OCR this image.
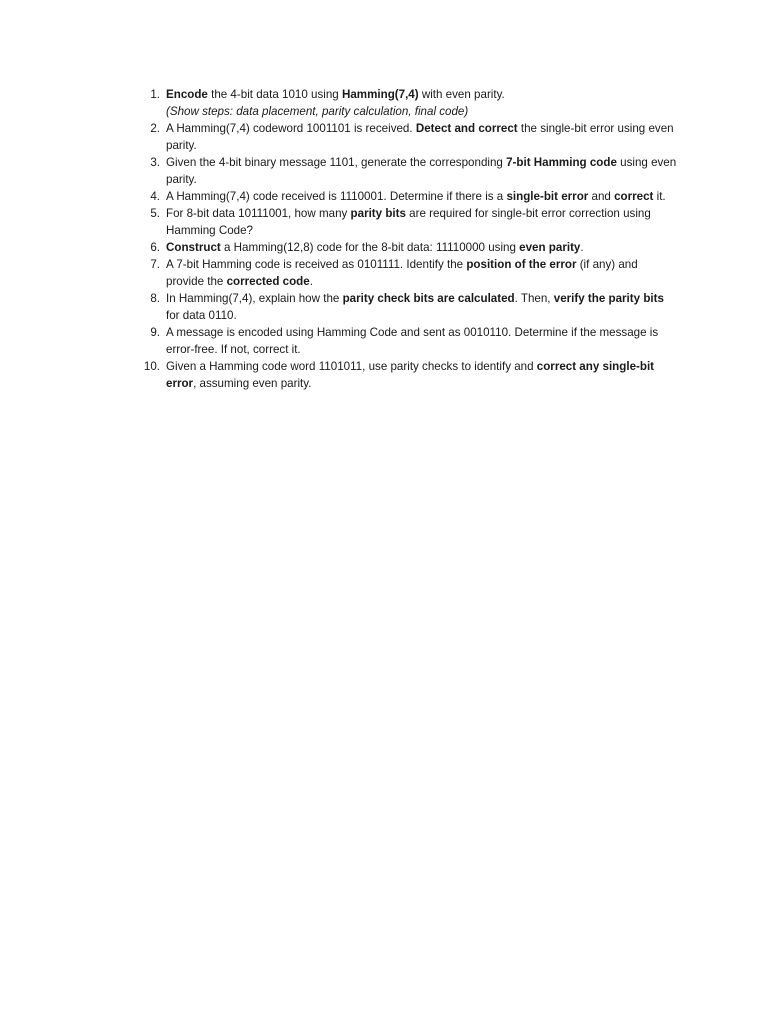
1. Encode the 4-bit data 1010 using Hamming(7,4) with even parity.
(Show steps: data placement, parity calculation, final code)
2. A Hamming(7,4) codeword 1001101 is received. Detect and correct the single-bit error using even parity.
3. Given the 4-bit binary message 1101, generate the corresponding 7-bit Hamming code using even parity.
4. A Hamming(7,4) code received is 1110001. Determine if there is a single-bit error and correct it.
5. For 8-bit data 10111001, how many parity bits are required for single-bit error correction using Hamming Code?
6. Construct a Hamming(12,8) code for the 8-bit data: 11110000 using even parity.
7. A 7-bit Hamming code is received as 0101111. Identify the position of the error (if any) and provide the corrected code.
8. In Hamming(7,4), explain how the parity check bits are calculated. Then, verify the parity bits for data 0110.
9. A message is encoded using Hamming Code and sent as 0010110. Determine if the message is error-free. If not, correct it.
10. Given a Hamming code word 1101011, use parity checks to identify and correct any single-bit error, assuming even parity.
